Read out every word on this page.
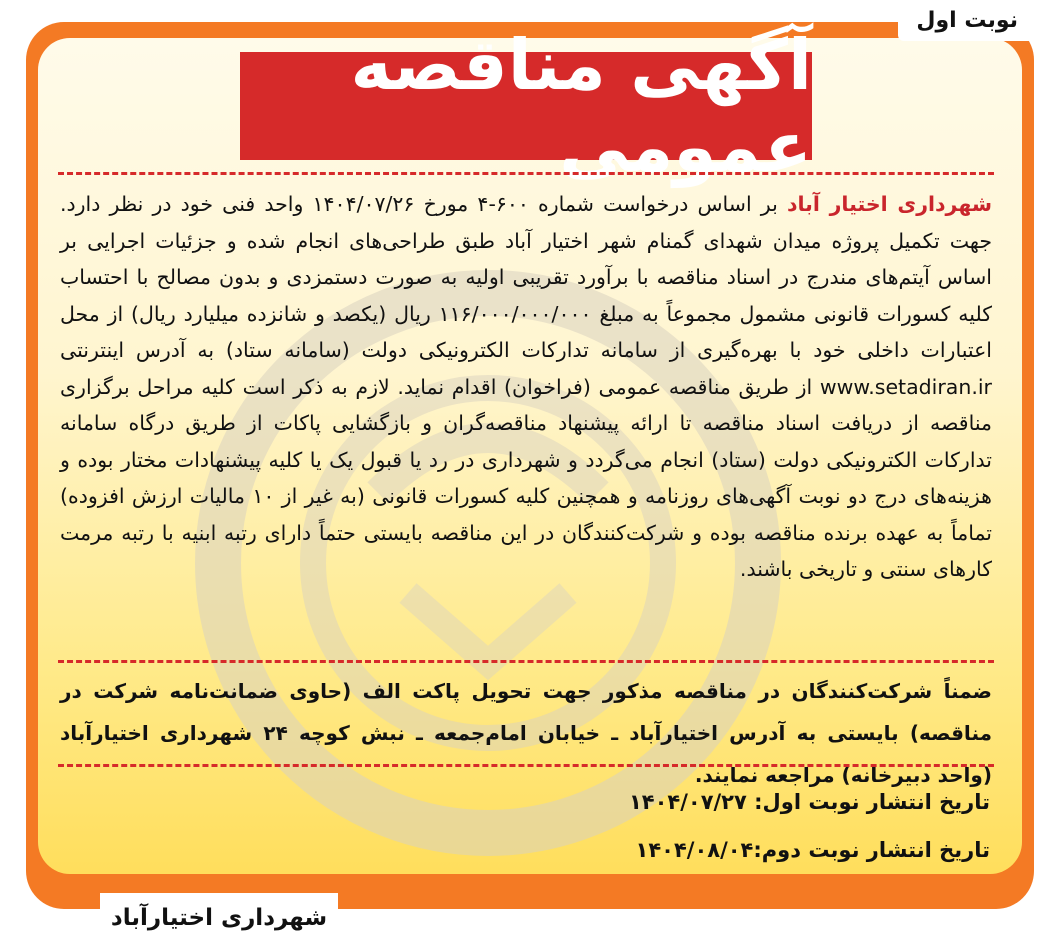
نوبت اول
آگهی مناقصه عمومی

شهرداری اختیار آباد بر اساس درخواست شماره ۶۰۰-۴ مورخ ۱۴۰۴/۰۷/۲۶ واحد فنی خود در نظر دارد. جهت تکمیل پروژه میدان شهدای گمنام شهر اختیار آباد طبق طراحی‌های انجام شده و جزئیات اجرایی بر اساس آیتم‌های مندرج در اسناد مناقصه با برآورد تقریبی اولیه به صورت دستمزدی و بدون مصالح با احتساب کلیه کسورات قانونی مشمول مجموعاً به مبلغ ۱۱۶/۰۰۰/۰۰۰/۰۰۰ ریال (یکصد و شانزده میلیارد ریال) از محل اعتبارات داخلی خود با بهره‌گیری از سامانه تدارکات الکترونیکی دولت (سامانه ستاد) به آدرس اینترنتی www.setadiran.ir از طریق مناقصه عمومی (فراخوان) اقدام نماید. لازم به ذکر است کلیه مراحل برگزاری مناقصه از دریافت اسناد مناقصه تا ارائه پیشنهاد مناقصه‌گران و بازگشایی پاکات از طریق درگاه سامانه تدارکات الکترونیکی دولت (ستاد) انجام می‌گردد و شهرداری در رد یا قبول یک یا کلیه پیشنهادات مختار بوده و هزینه‌های درج دو نوبت آگهی‌های روزنامه و همچنین کلیه کسورات قانونی (به غیر از ۱۰ مالیات ارزش افزوده) تماماً به عهده برنده مناقصه بوده و شرکت‌کنندگان در این مناقصه بایستی حتماً دارای رتبه ابنیه با رتبه مرمت کارهای سنتی و تاریخی باشند.

ضمناً شرکت‌کنندگان در مناقصه مذکور جهت تحویل پاکت الف (حاوی ضمانت‌نامه شرکت در مناقصه) بایستی به آدرس اختیارآباد ـ خیابان امام‌جمعه ـ نبش کوچه ۲۴ شهرداری اختیارآباد (واحد دبیرخانه) مراجعه نمایند.

تاریخ انتشار نوبت اول: ۱۴۰۴/۰۷/۲۷
تاریخ انتشار نوبت دوم:۱۴۰۴/۰۸/۰۴
شهرداری اختیارآباد
